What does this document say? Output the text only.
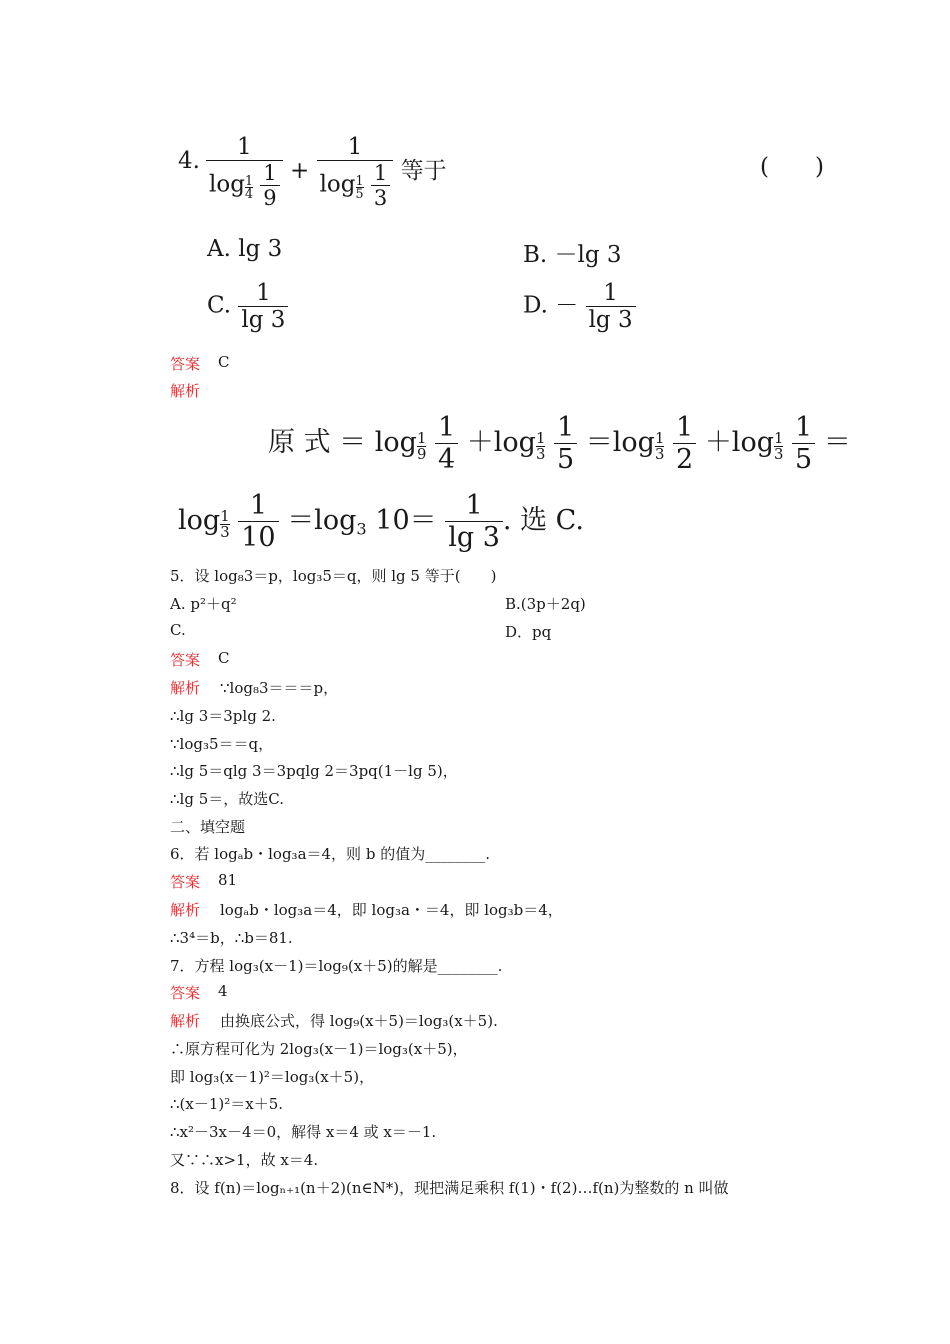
4. 1
$\log \frac{1}{4}$
$\frac{1}{9} + 1$
$\log \frac{1}{5}$
$\frac{1}{3}$ 等于	(　　)
A. lg 3	B. －lg 3
C. $\frac{1}{\lg 3}$	D. － $\frac{1}{\lg 3}$
答案 C
解析
原 式 ＝ $\log \frac{1}{9}$
$\frac{1}{4} +\log \frac{1}{3}$
$\frac{1}{5} =\log \frac{1}{3}$
$\frac{1}{2} +\log \frac{1}{3}$
$\frac{1}{5}$ ＝
$\log \frac{1}{3}$
$\frac{1}{10} =\log_3$ $10= \frac{1}{\lg 3}$ . 选 C.
5．设 log₈3＝p，log₃5＝q，则 lg 5 等于(　　)
A. p²＋q²	B.(3p＋2q)
C.	D．pq
答案 C
解析 ∵log₈3＝＝＝p，
∴lg 3＝3plg 2.
∵log₃5＝＝q，
∴lg 5＝qlg 3＝3pqlg 2＝3pq(1－lg 5)，
∴lg 5＝，故选C.
二、填空题
6．若 logₐb・log₃a＝4，则 b 的值为________.
答案 81
解析 logₐb・log₃a＝4，即 log₃a・＝4，即 log₃b＝4，
∴3⁴＝b，∴b＝81.
7．方程 log₃(x－1)＝log₉(x＋5)的解是________.
答案 4
解析 由换底公式，得 log₉(x＋5)＝log₃(x＋5).
∴原方程可化为 2log₃(x－1)＝log₃(x＋5)，
即 log₃(x－1)²＝log₃(x＋5)，
∴(x－1)²＝x＋5.
∴x²－3x－4＝0，解得 x＝4 或 x＝－1.
又∵∴x>1，故 x＝4.
8．设 f(n)＝logₙ₊₁(n＋2)(n∈N*)，现把满足乘积 f(1)・f(2)…f(n)为整数的 n 叫做
